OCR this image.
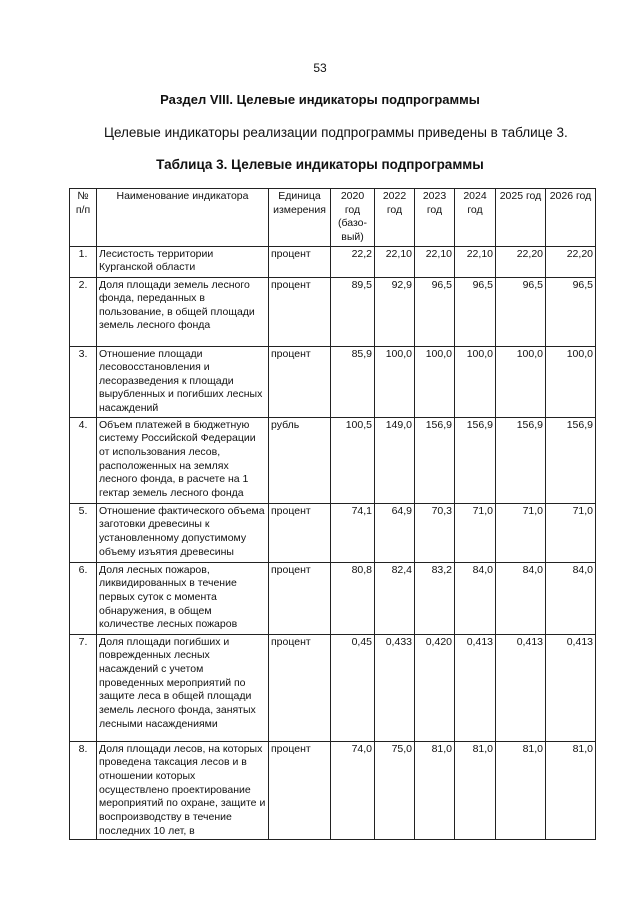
53
Раздел VIII. Целевые индикаторы подпрограммы
Целевые индикаторы реализации подпрограммы приведены в таблице 3.
Таблица 3. Целевые индикаторы подпрограммы
№ п/п	Наименование индикатора	Единица измерения	2020 год (базо-вый)	2022 год	2023 год	2024 год	2025 год	2026 год
1.	Лесистость территории Курганской области	процент	22,2	22,10	22,10	22,10	22,20	22,20
2.	Доля площади земель лесного фонда, переданных в пользование, в общей площади земель лесного фонда	процент	89,5	92,9	96,5	96,5	96,5	96,5
3.	Отношение площади лесовосстановления и лесоразведения к площади вырубленных и погибших лесных насаждений	процент	85,9	100,0	100,0	100,0	100,0	100,0
4.	Объем платежей в бюджетную систему Российской Федерации от использования лесов, расположенных на землях лесного фонда, в расчете на 1 гектар земель лесного фонда	рубль	100,5	149,0	156,9	156,9	156,9	156,9
5.	Отношение фактического объема заготовки древесины к установленному допустимому объему изъятия древесины	процент	74,1	64,9	70,3	71,0	71,0	71,0
6.	Доля лесных пожаров, ликвидированных в течение первых суток с момента обнаружения, в общем количестве лесных пожаров	процент	80,8	82,4	83,2	84,0	84,0	84,0
7.	Доля площади погибших и поврежденных лесных насаждений с учетом проведенных мероприятий по защите леса в общей площади земель лесного фонда, занятых лесными насаждениями	процент	0,45	0,433	0,420	0,413	0,413	0,413
8.	Доля площади лесов, на которых проведена таксация лесов и в отношении которых осуществлено проектирование мероприятий по охране, защите и воспроизводству в течение последних 10 лет, в	процент	74,0	75,0	81,0	81,0	81,0	81,0
